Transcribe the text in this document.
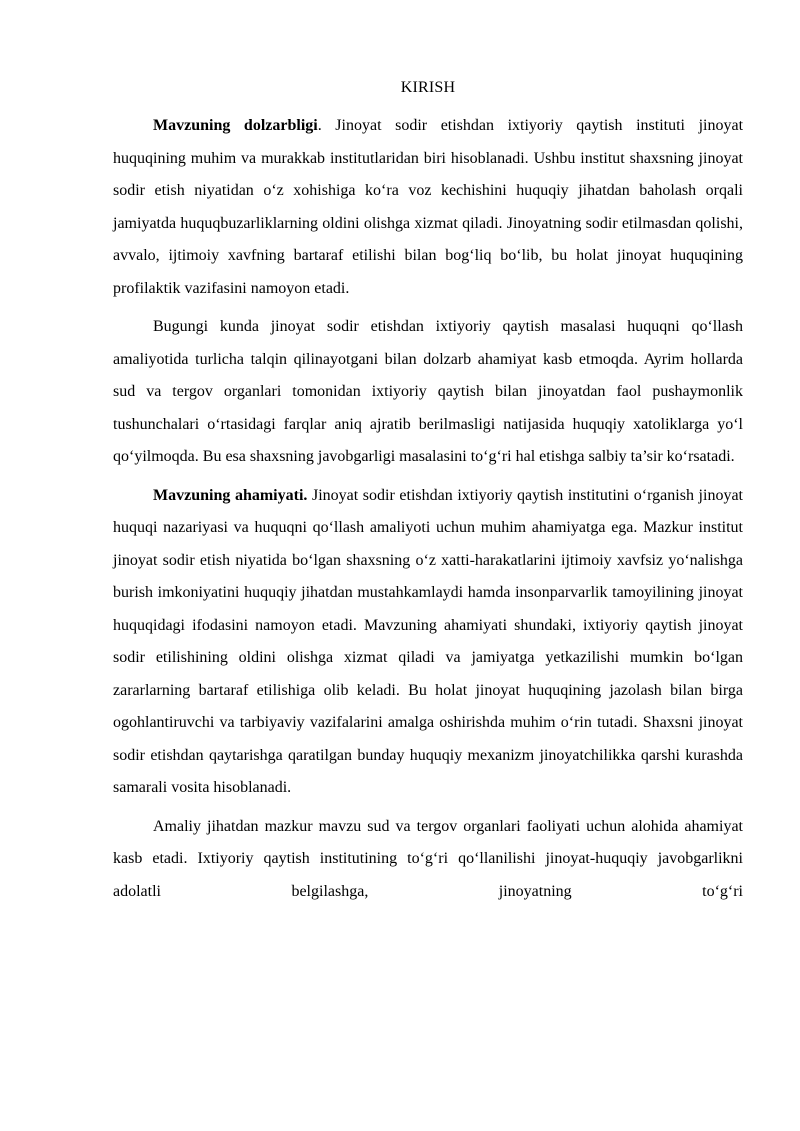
KIRISH

Mavzuning dolzarbligi. Jinoyat sodir etishdan ixtiyoriy qaytish instituti jinoyat huquqining muhim va murakkab institutlaridan biri hisoblanadi. Ushbu institut shaxsning jinoyat sodir etish niyatidan o‘z xohishiga ko‘ra voz kechishini huquqiy jihatdan baholash orqali jamiyatda huquqbuzarliklarning oldini olishga xizmat qiladi. Jinoyatning sodir etilmasdan qolishi, avvalo, ijtimoiy xavfning bartaraf etilishi bilan bog‘liq bo‘lib, bu holat jinoyat huquqining profilaktik vazifasini namoyon etadi.

Bugungi kunda jinoyat sodir etishdan ixtiyoriy qaytish masalasi huquqni qo‘llash amaliyotida turlicha talqin qilinayotgani bilan dolzarb ahamiyat kasb etmoqda. Ayrim hollarda sud va tergov organlari tomonidan ixtiyoriy qaytish bilan jinoyatdan faol pushaymonlik tushunchalari o‘rtasidagi farqlar aniq ajratib berilmasligi natijasida huquqiy xatoliklarga yo‘l qo‘yilmoqda. Bu esa shaxsning javobgarligi masalasini to‘g‘ri hal etishga salbiy ta’sir ko‘rsatadi.

Mavzuning ahamiyati. Jinoyat sodir etishdan ixtiyoriy qaytish institutini o‘rganish jinoyat huquqi nazariyasi va huquqni qo‘llash amaliyoti uchun muhim ahamiyatga ega. Mazkur institut jinoyat sodir etish niyatida bo‘lgan shaxsning o‘z xatti-harakatlarini ijtimoiy xavfsiz yo‘nalishga burish imkoniyatini huquqiy jihatdan mustahkamlaydi hamda insonparvarlik tamoyilining jinoyat huquqidagi ifodasini namoyon etadi. Mavzuning ahamiyati shundaki, ixtiyoriy qaytish jinoyat sodir etilishining oldini olishga xizmat qiladi va jamiyatga yetkazilishi mumkin bo‘lgan zararlarning bartaraf etilishiga olib keladi. Bu holat jinoyat huquqining jazolash bilan birga ogohlantiruvchi va tarbiyaviy vazifalarini amalga oshirishda muhim o‘rin tutadi. Shaxsni jinoyat sodir etishdan qaytarishga qaratilgan bunday huquqiy mexanizm jinoyatchilikka qarshi kurashda samarali vosita hisoblanadi.

Amaliy jihatdan mazkur mavzu sud va tergov organlari faoliyati uchun alohida ahamiyat kasb etadi. Ixtiyoriy qaytish institutining to‘g‘ri qo‘llanilishi jinoyat-huquqiy javobgarlikni adolatli belgilashga, jinoyatning to‘g‘ri
